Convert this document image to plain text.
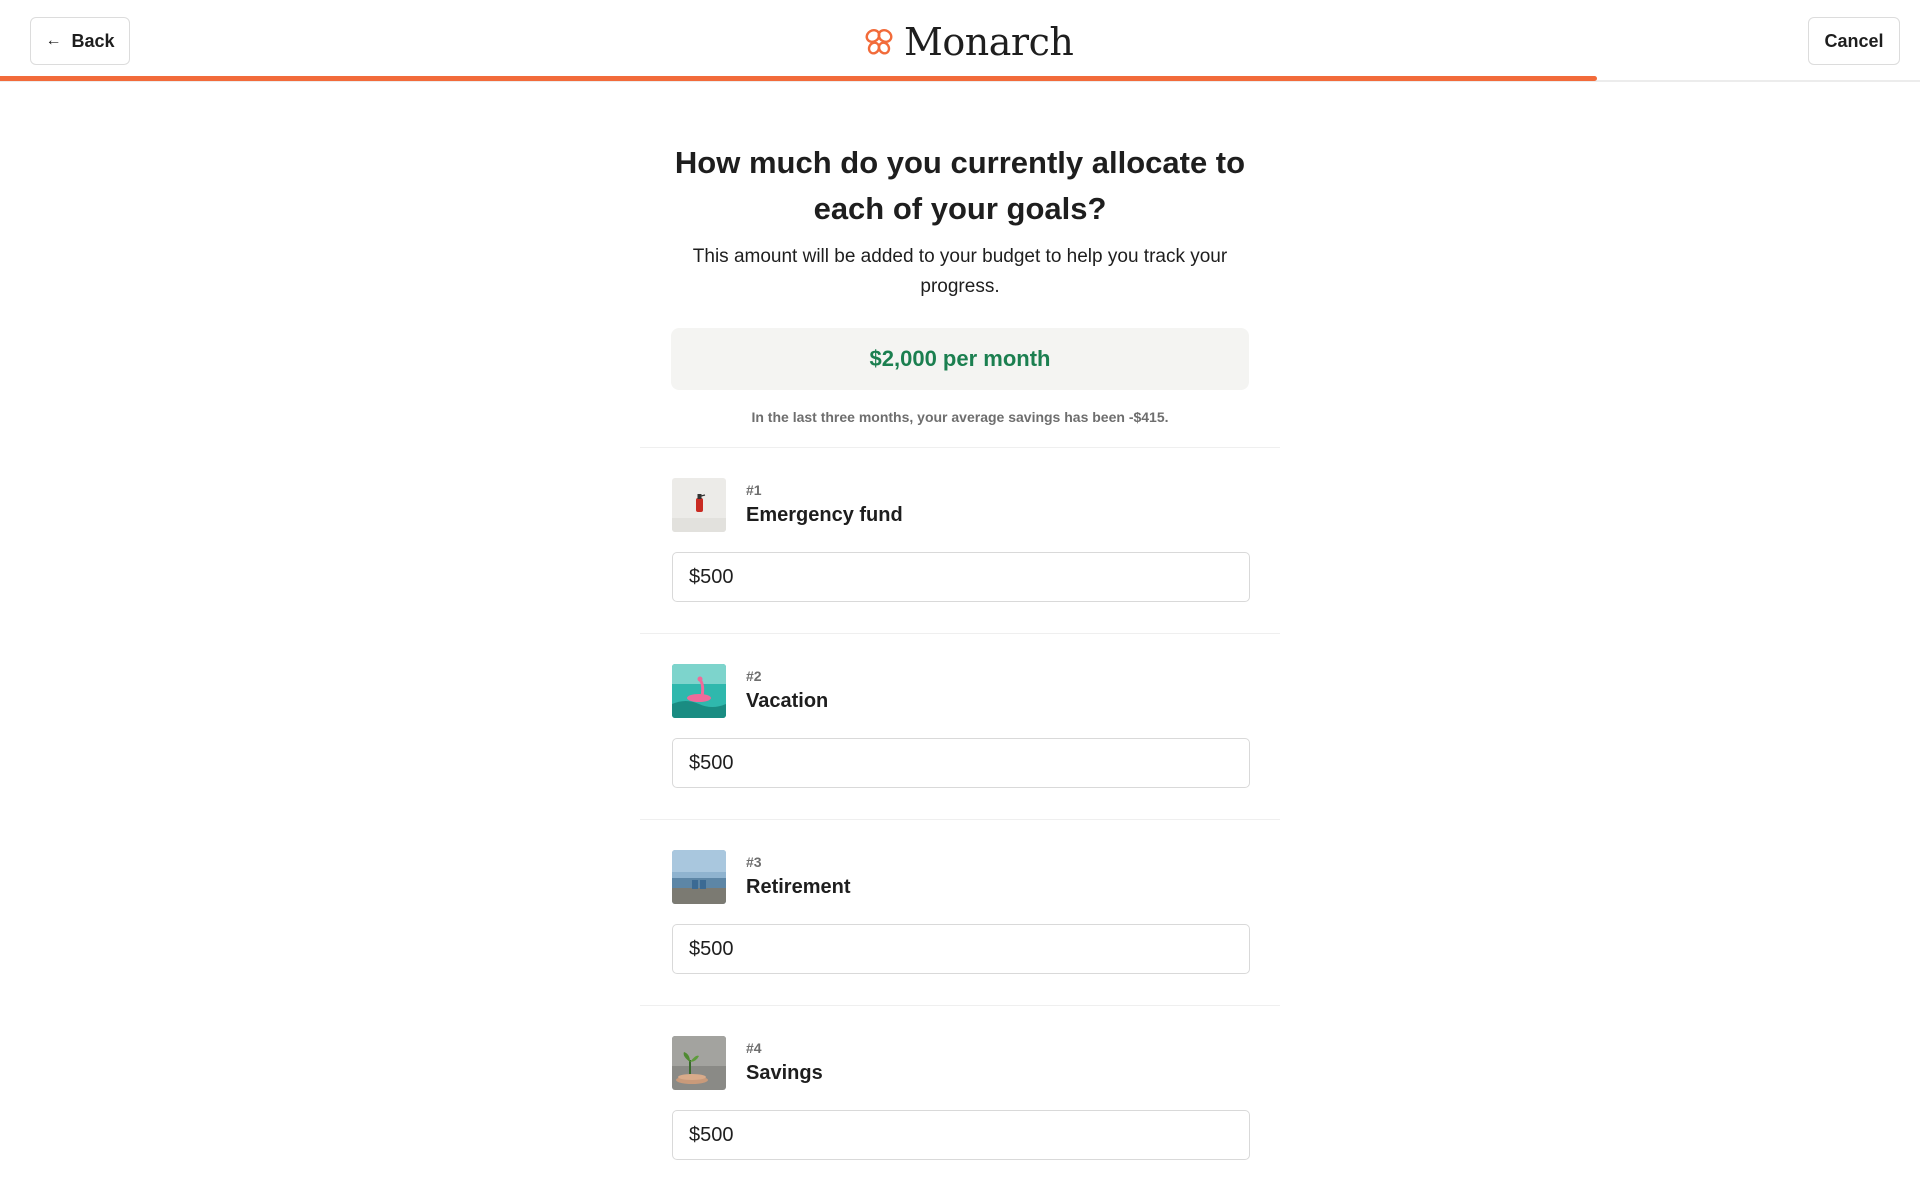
← Back	Monarch	Cancel
How much do you currently allocate to each of your goals?

This amount will be added to your budget to help you track your progress.

$2,000 per month

In the last three months, your average savings has been -$415.

#1
Emergency fund
$500
#2
Vacation
$500
#3
Retirement
$500
#4
Savings
$500
